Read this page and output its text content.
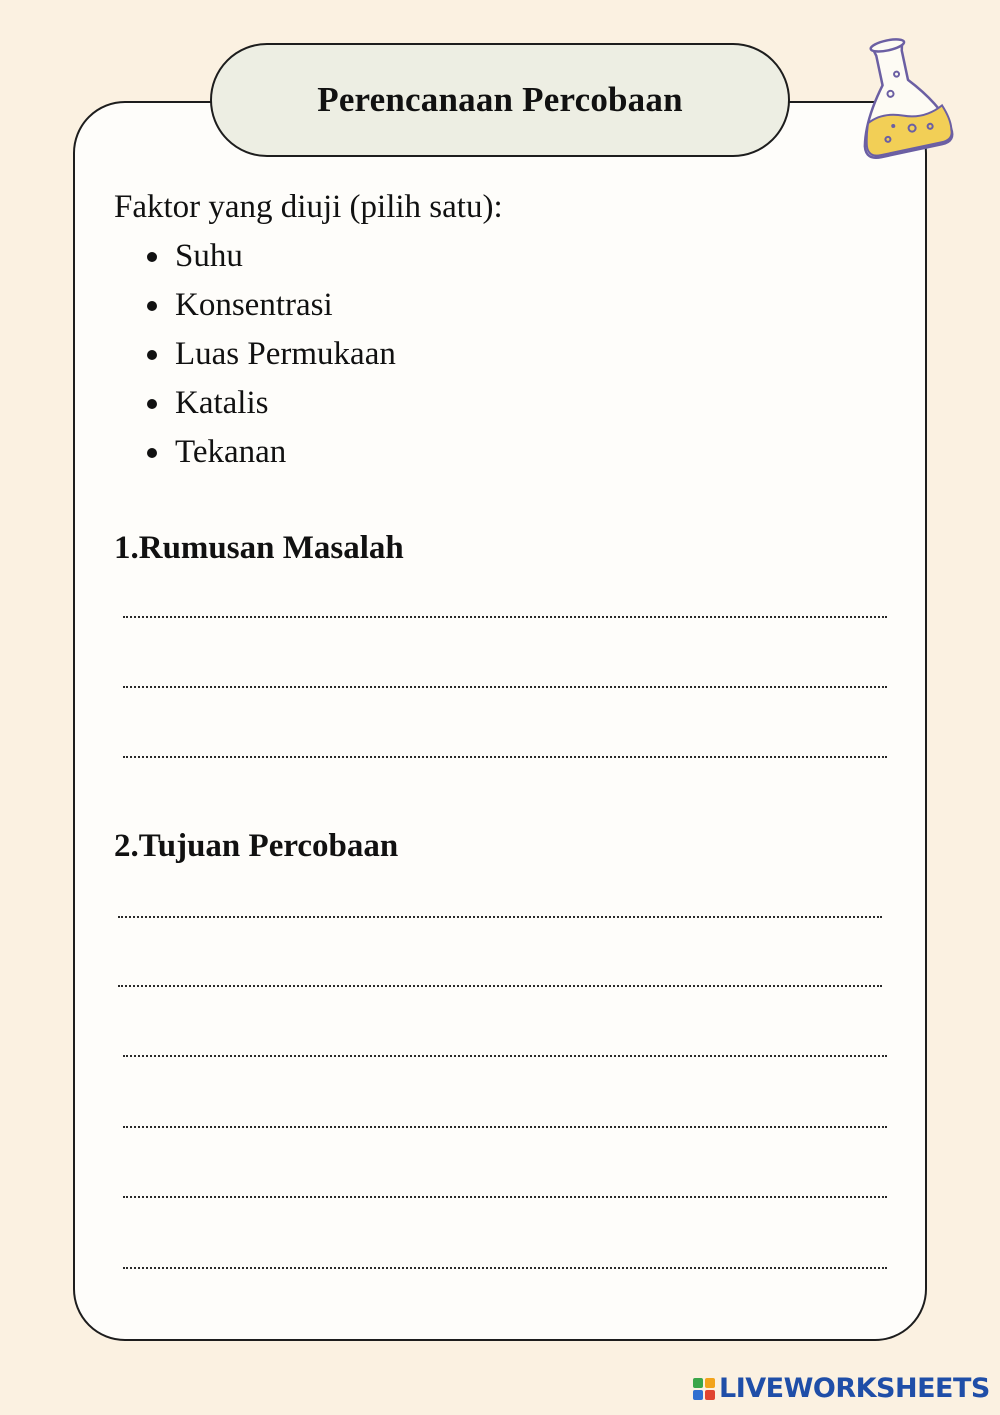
Perencanaan Percobaan
Faktor yang diuji (pilih satu):
Suhu
Konsentrasi
Luas Permukaan
Katalis
Tekanan
1.Rumusan Masalah
2.Tujuan Percobaan
LIVEWORKSHEETS
